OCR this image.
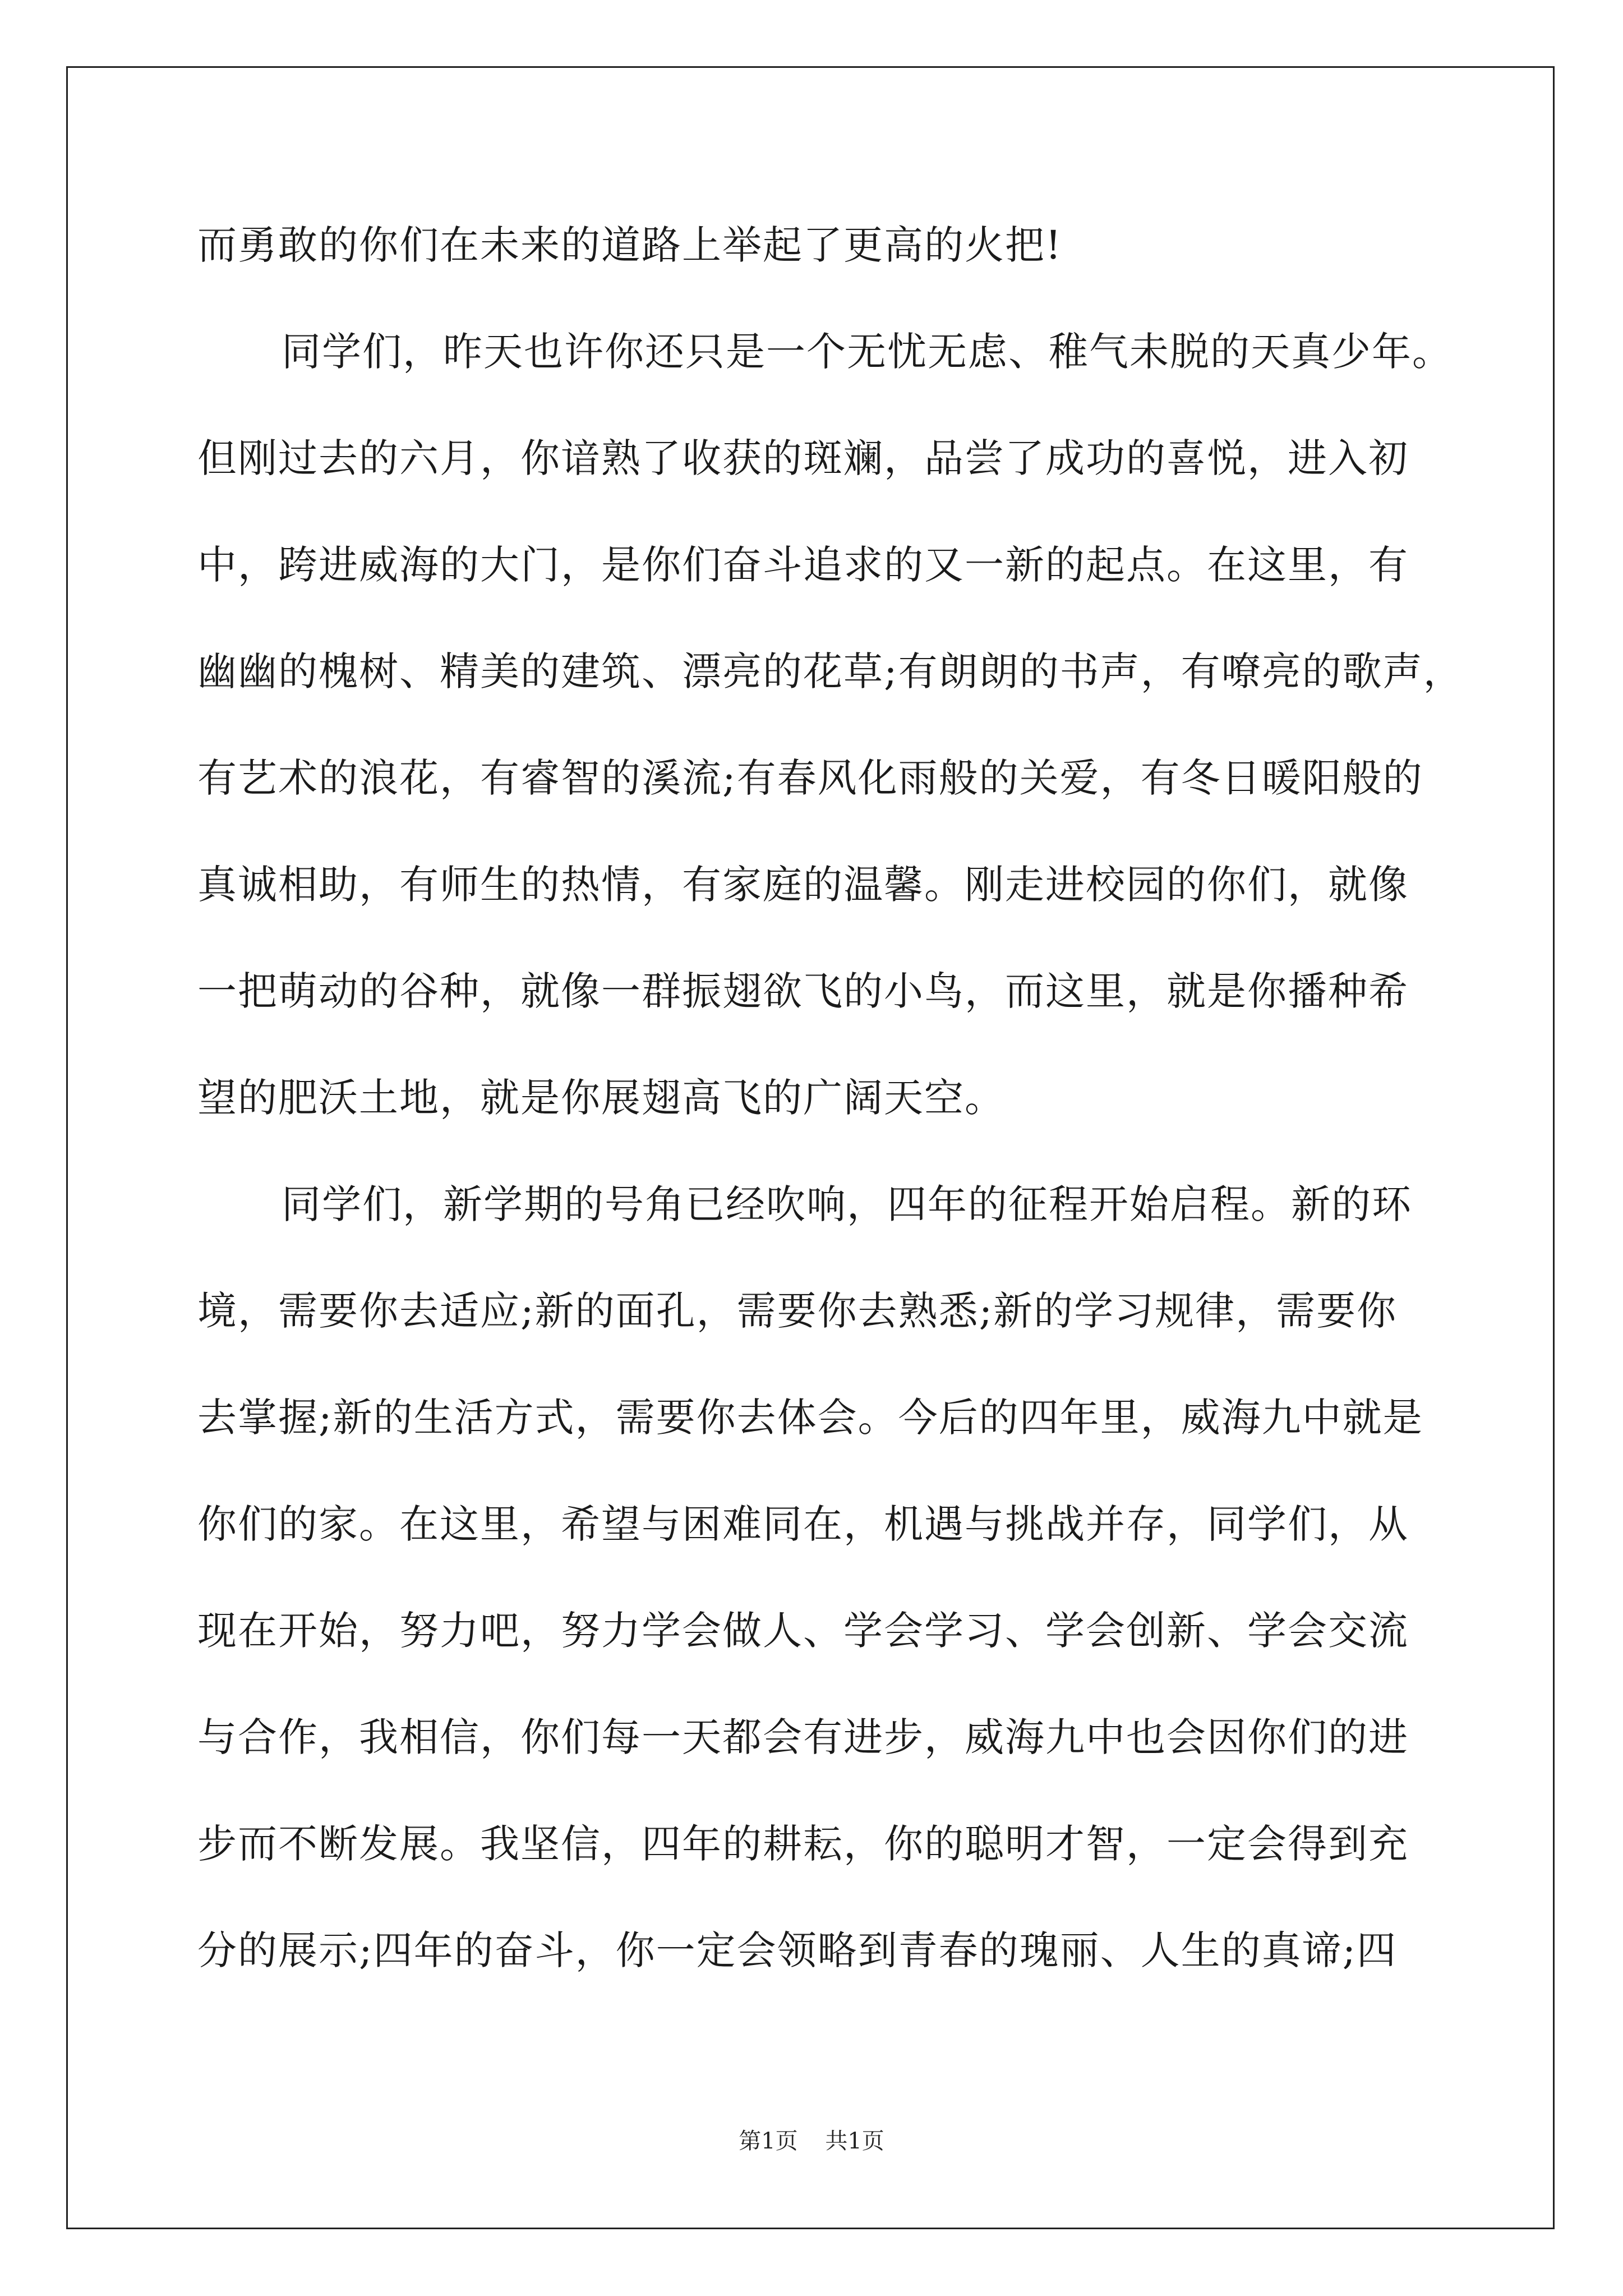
而勇敢的你们在未来的道路上举起了更高的火把!
同学们，昨天也许你还只是一个无忧无虑、稚气未脱的天真少年。
但刚过去的六月，你谙熟了收获的斑斓，品尝了成功的喜悦，进入初
中，跨进威海的大门，是你们奋斗追求的又一新的起点。在这里，有
幽幽的槐树、精美的建筑、漂亮的花草;有朗朗的书声，有嘹亮的歌声，
有艺术的浪花，有睿智的溪流;有春风化雨般的关爱，有冬日暖阳般的
真诚相助，有师生的热情，有家庭的温馨。刚走进校园的你们，就像
一把萌动的谷种，就像一群振翅欲飞的小鸟，而这里，就是你播种希
望的肥沃土地，就是你展翅高飞的广阔天空。
同学们，新学期的号角已经吹响，四年的征程开始启程。新的环
境，需要你去适应;新的面孔，需要你去熟悉;新的学习规律，需要你
去掌握;新的生活方式，需要你去体会。今后的四年里，威海九中就是
你们的家。在这里，希望与困难同在，机遇与挑战并存，同学们，从
现在开始，努力吧，努力学会做人、学会学习、学会创新、学会交流
与合作，我相信，你们每一天都会有进步，威海九中也会因你们的进
步而不断发展。我坚信，四年的耕耘，你的聪明才智，一定会得到充
分的展示;四年的奋斗，你一定会领略到青春的瑰丽、人生的真谛;四
第1页 共1页
